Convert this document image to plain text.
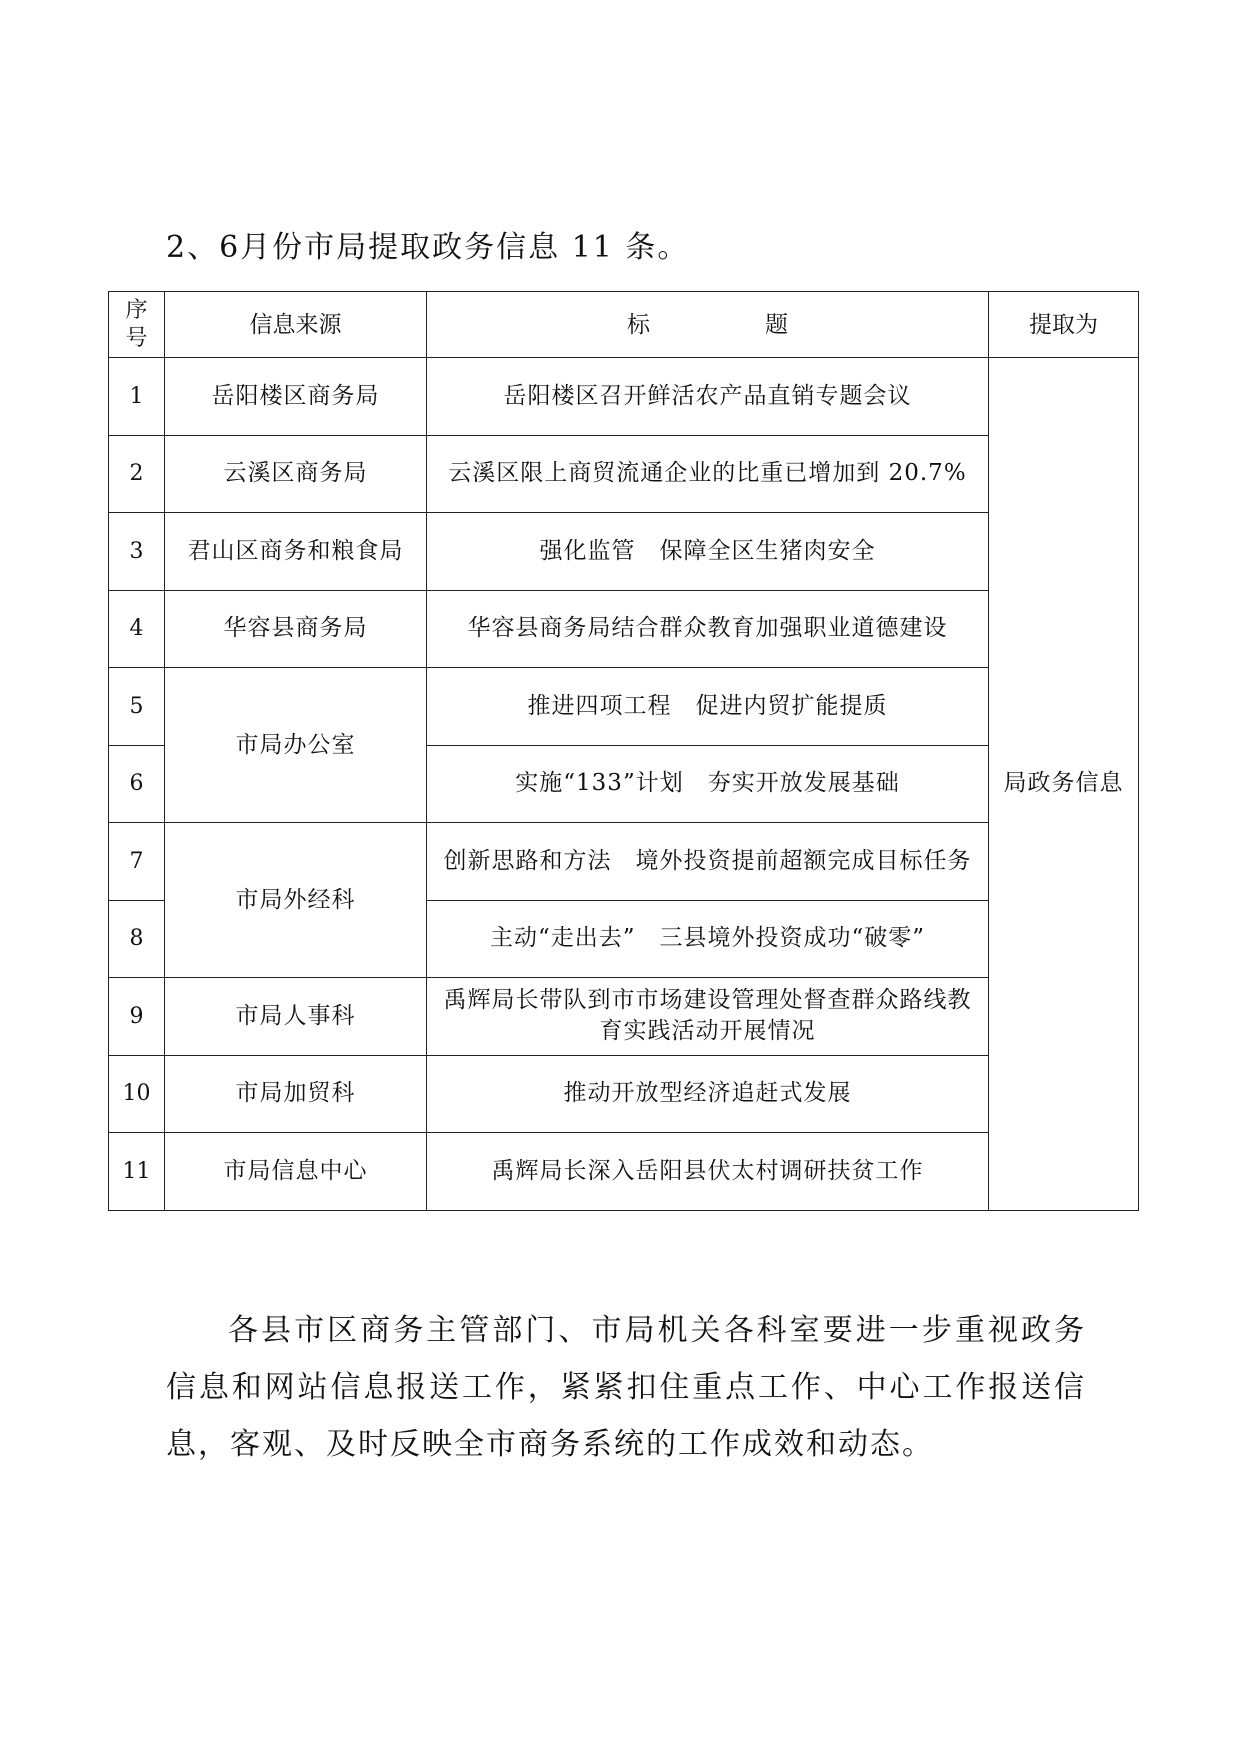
2、6月份市局提取政务信息 11 条。
序
号	信息来源	标　　　　　题	提取为
1	岳阳楼区商务局	岳阳楼区召开鲜活农产品直销专题会议	局政务信息
2	云溪区商务局	云溪区限上商贸流通企业的比重已增加到 20.7%	
3	君山区商务和粮食局	强化监管　保障全区生猪肉安全	
4	华容县商务局	华容县商务局结合群众教育加强职业道德建设	
5	市局办公室	推进四项工程　促进内贸扩能提质	
6		实施“133”计划　夯实开放发展基础	
7	市局外经科	创新思路和方法　境外投资提前超额完成目标任务	
8		主动“走出去”　三县境外投资成功“破零”	
9	市局人事科	禹辉局长带队到市市场建设管理处督查群众路线教育实践活动开展情况	
10	市局加贸科	推动开放型经济追赶式发展	
11	市局信息中心	禹辉局长深入岳阳县伏太村调研扶贫工作	

各县市区商务主管部门、市局机关各科室要进一步重视政务信息和网站信息报送工作，紧紧扣住重点工作、中心工作报送信息，客观、及时反映全市商务系统的工作成效和动态。
